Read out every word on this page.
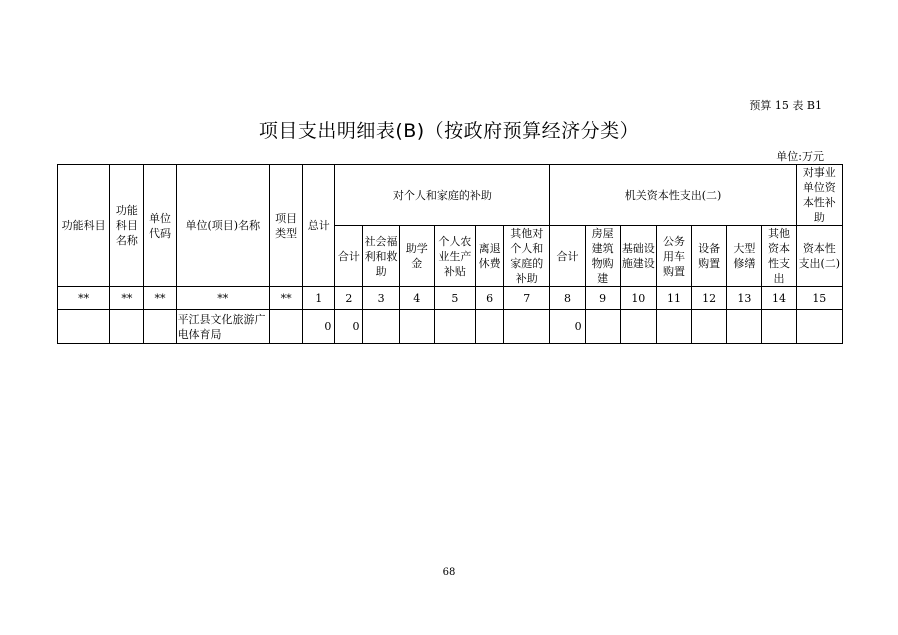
预算 15 表 B1
项目支出明细表(B)（按政府预算经济分类）
单位:万元
功能科目	功能科目名称	单位代码	单位(项目)名称	项目类型	总计	对个人和家庭的补助						机关资本性支出(二)							对事业单位资本性补助
						合计	社会福利和救助	助学金	个人农业生产补贴	离退休费	其他对个人和家庭的补助	合计	房屋建筑物购建	基础设施建设	公务用车购置	设备购置	大型修缮	其他资本性支出	资本性支出(二)
**	**	**	**	**	1	2	3	4	5	6	7	8	9	10	11	12	13	14	15
			平江县文化旅游广电体育局		0	0						0							
68
